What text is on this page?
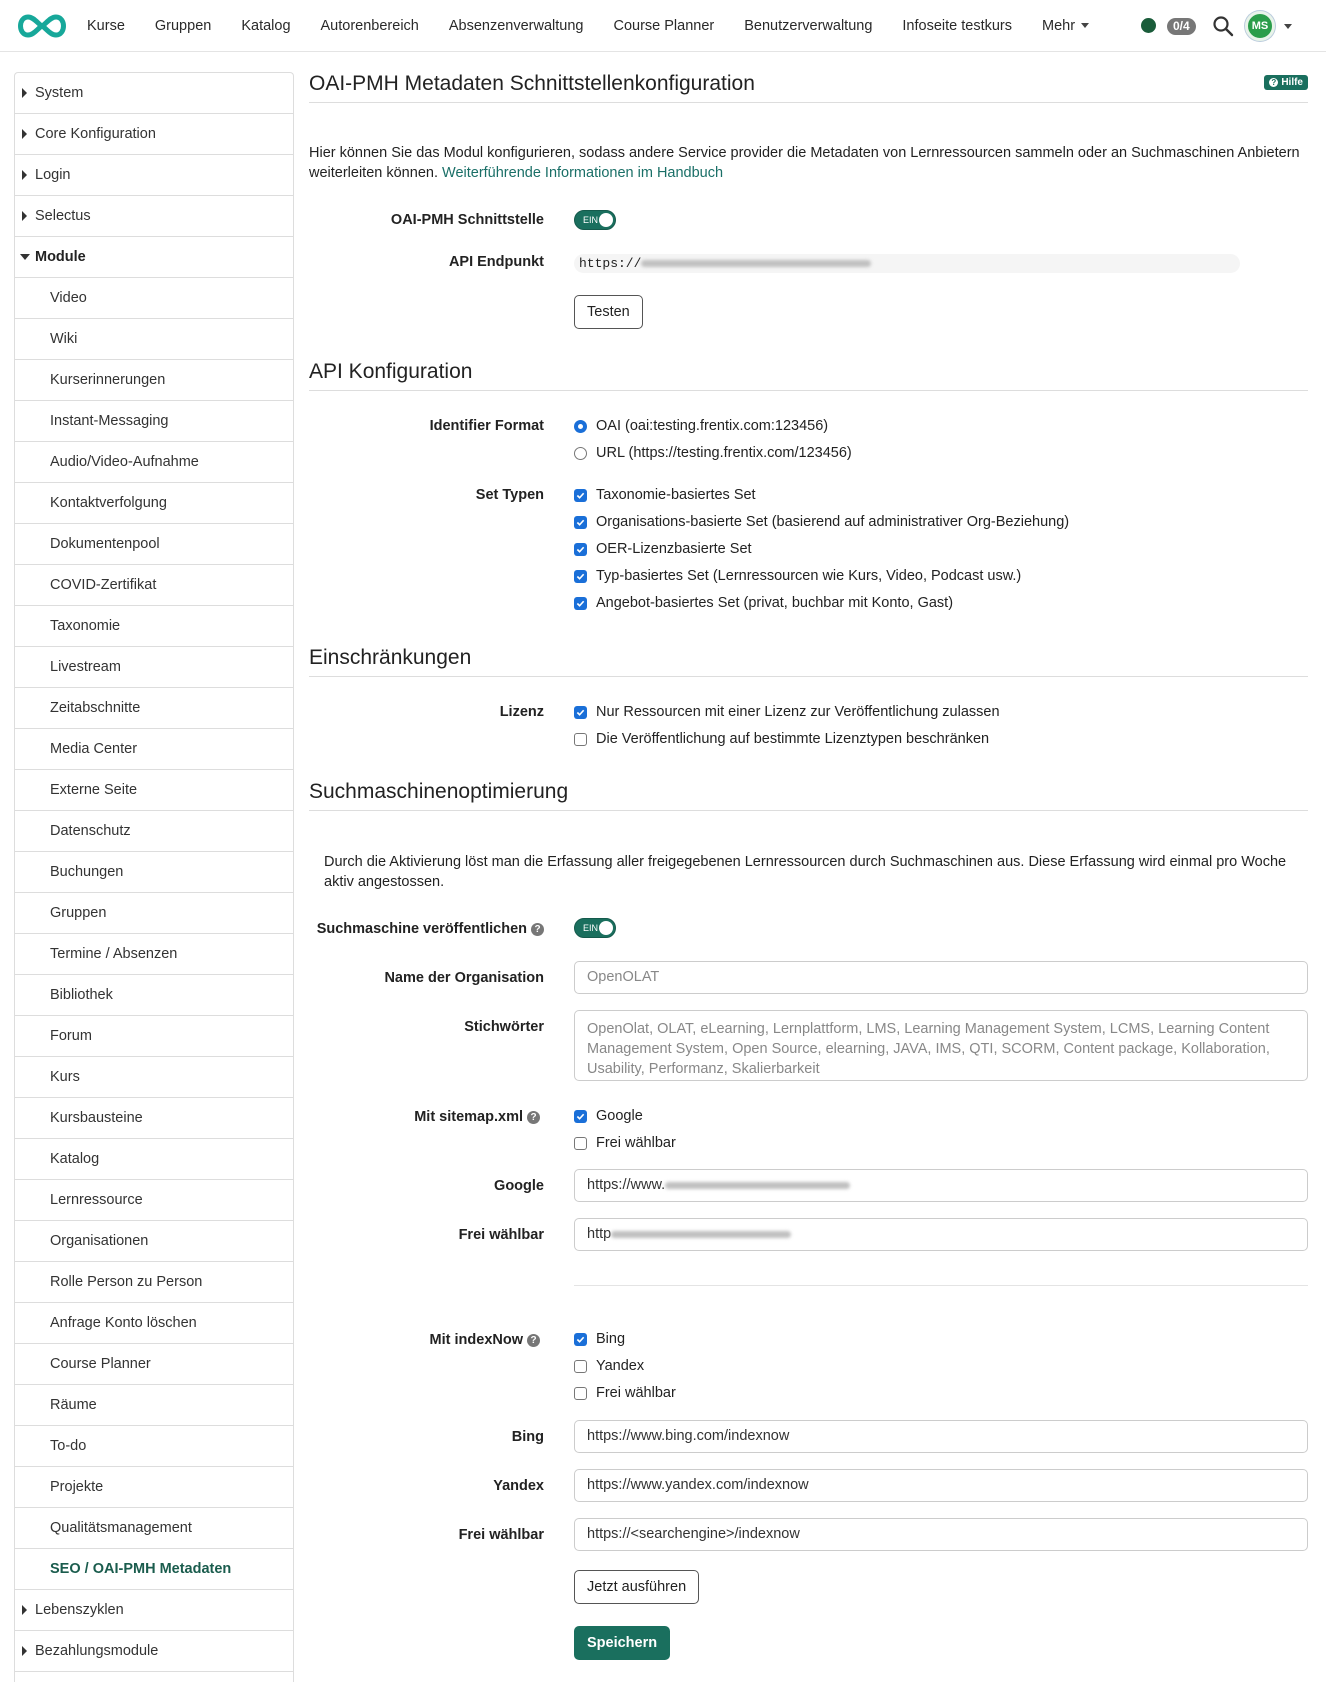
Kurse	Gruppen	Katalog	Autorenbereich	Absenzenverwaltung	Course Planner	Benutzerverwaltung	Infoseite testkurs	Mehr	0/4	MS
System
Core Konfiguration
Login
Selectus
Module
Video
Wiki
Kurserinnerungen
Instant-Messaging
Audio/Video-Aufnahme
Kontaktverfolgung
Dokumentenpool
COVID-Zertifikat
Taxonomie
Livestream
Zeitabschnitte
Media Center
Externe Seite
Datenschutz
Buchungen
Gruppen
Termine / Absenzen
Bibliothek
Forum
Kurs
Kursbausteine
Katalog
Lernressource
Organisationen
Rolle Person zu Person
Anfrage Konto löschen
Course Planner
Räume
To-do
Projekte
Qualitätsmanagement
SEO / OAI-PMH Metadaten
Lebenszyklen
Bezahlungsmodule
OAI-PMH Metadaten Schnittstellenkonfiguration	? Hilfe
Hier können Sie das Modul konfigurieren, sodass andere Service provider die Metadaten von Lernressourcen sammeln oder an Suchmaschinen Anbietern weiterleiten können. Weiterführende Informationen im Handbuch
OAI-PMH Schnittstelle	EIN
API Endpunkt	https://
Testen
API Konfiguration
Identifier Format	OAI (oai:testing.frentix.com:123456)
URL (https://testing.frentix.com/123456)
Set Typen	Taxonomie-basiertes Set
Organisations-basierte Set (basierend auf administrativer Org-Beziehung)
OER-Lizenzbasierte Set
Typ-basiertes Set (Lernressourcen wie Kurs, Video, Podcast usw.)
Angebot-basiertes Set (privat, buchbar mit Konto, Gast)
Einschränkungen
Lizenz	Nur Ressourcen mit einer Lizenz zur Veröffentlichung zulassen
Die Veröffentlichung auf bestimmte Lizenztypen beschränken
Suchmaschinenoptimierung
Durch die Aktivierung löst man die Erfassung aller freigegebenen Lernressourcen durch Suchmaschinen aus. Diese Erfassung wird einmal pro Woche aktiv angestossen.
Suchmaschine veröffentlichen ?	EIN
Name der Organisation	OpenOLAT
Stichwörter	OpenOlat, OLAT, eLearning, Lernplattform, LMS, Learning Management System, LCMS, Learning Content Management System, Open Source, elearning, JAVA, IMS, QTI, SCORM, Content package, Kollaboration, Usability, Performanz, Skalierbarkeit
Mit sitemap.xml ?	Google
Frei wählbar
Google	https://www.
Frei wählbar	http
Mit indexNow ?	Bing
Yandex
Frei wählbar
Bing	https://www.bing.com/indexnow
Yandex	https://www.yandex.com/indexnow
Frei wählbar	https://<searchengine>/indexnow
Jetzt ausführen
Speichern
